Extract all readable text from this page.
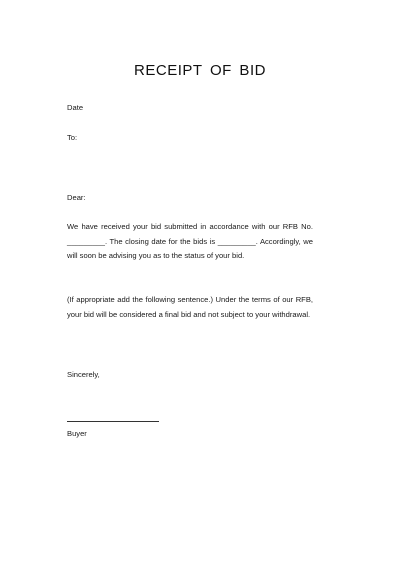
RECEIPT OF BID
Date
To:
Dear:
We have received your bid submitted in accordance with our RFB No. _________. The closing date for the bids is _________. Accordingly, we will soon be advising you as to the status of your bid.
(If appropriate add the following sentence.) Under the terms of our RFB, your bid will be considered a final bid and not subject to your withdrawal.
Sincerely,
Buyer
